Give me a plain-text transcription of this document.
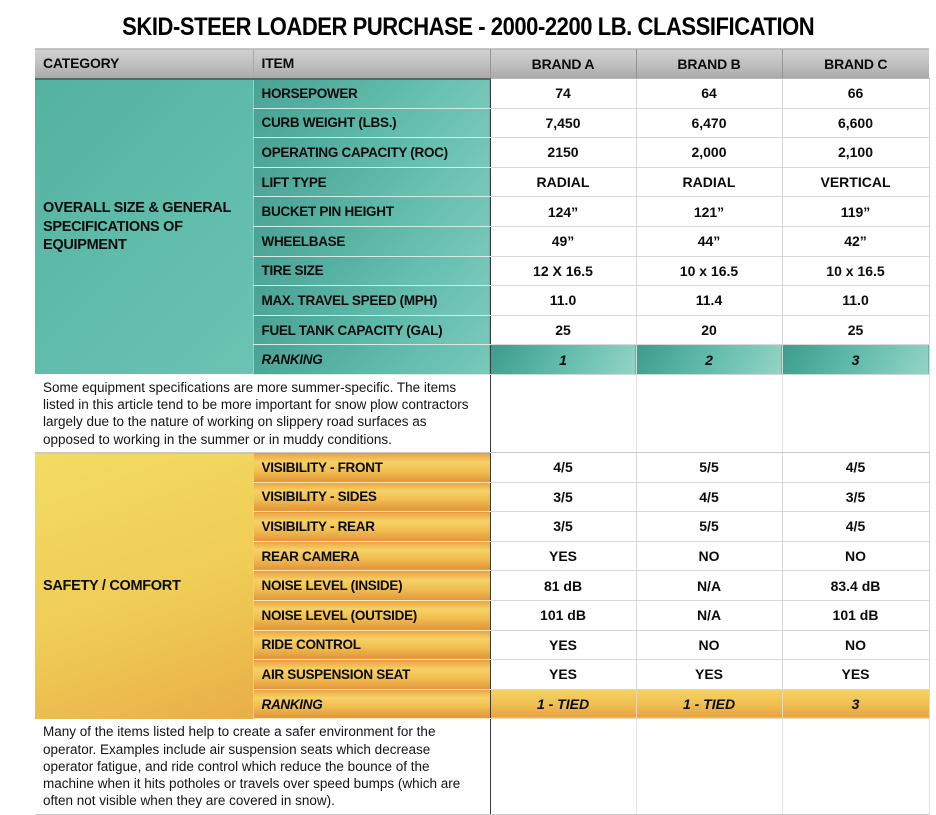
SKID-STEER LOADER PURCHASE - 2000-2200 LB. CLASSIFICATION
CATEGORY	ITEM	BRAND A	BRAND B	BRAND C
OVERALL SIZE & GENERAL SPECIFICATIONS OF EQUIPMENT	HORSEPOWER	74	64	66
	CURB WEIGHT (LBS.)	7,450	6,470	6,600
	OPERATING CAPACITY (ROC)	2150	2,000	2,100
	LIFT TYPE	RADIAL	RADIAL	VERTICAL
	BUCKET PIN HEIGHT	124”	121”	119”
	WHEELBASE	49”	44”	42”
	TIRE SIZE	12 X 16.5	10 x 16.5	10 x 16.5
	MAX. TRAVEL SPEED (MPH)	11.0	11.4	11.0
	FUEL TANK CAPACITY (GAL)	25	20	25
	RANKING	1	2	3
Some equipment specifications are more summer-specific. The items listed in this article tend to be more important for snow plow contractors largely due to the nature of working on slippery road surfaces as opposed to working in the summer or in muddy conditions.				
SAFETY / COMFORT	VISIBILITY - FRONT	4/5	5/5	4/5
	VISIBILITY - SIDES	3/5	4/5	3/5
	VISIBILITY - REAR	3/5	5/5	4/5
	REAR CAMERA	YES	NO	NO
	NOISE LEVEL (INSIDE)	81 dB	N/A	83.4 dB
	NOISE LEVEL (OUTSIDE)	101 dB	N/A	101 dB
	RIDE CONTROL	YES	NO	NO
	AIR SUSPENSION SEAT	YES	YES	YES
	RANKING	1 - TIED	1 - TIED	3
Many of the items listed help to create a safer environment for the operator. Examples include air suspension seats which decrease operator fatigue, and ride control which reduce the bounce of the machine when it hits potholes or travels over speed bumps (which are often not visible when they are covered in snow).				
